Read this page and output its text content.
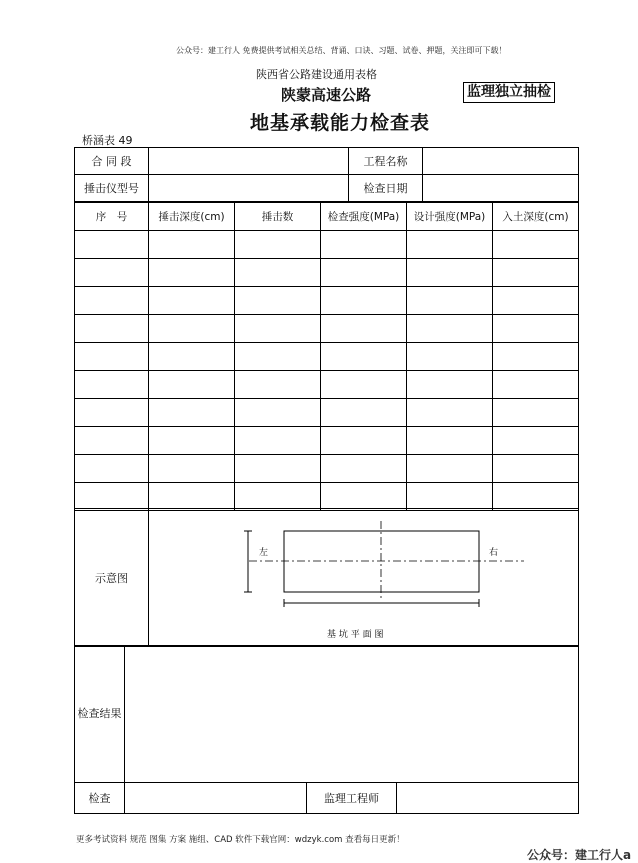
公众号：建工行人 免费提供考试相关总结、背诵、口诀、习题、试卷、押题，关注即可下载！
陕西省公路建设通用表格
陕蒙高速公路	监理独立抽检
地基承载能力检查表
桥涵表 49
合 同 段		工程名称	
捶击仪型号		检查日期	
序　号	捶击深度(cm)	捶击数	检查强度(MPa)	设计强度(MPa)	入土深度(cm)

示意图	
左	右
基 坑 平 面 图
检查结果	
检查		监理工程师	
更多考试资料 规范 图集 方案 施组、CAD 软件下载官网：wdzyk.com 查看每日更新！
公众号：建工行人a
